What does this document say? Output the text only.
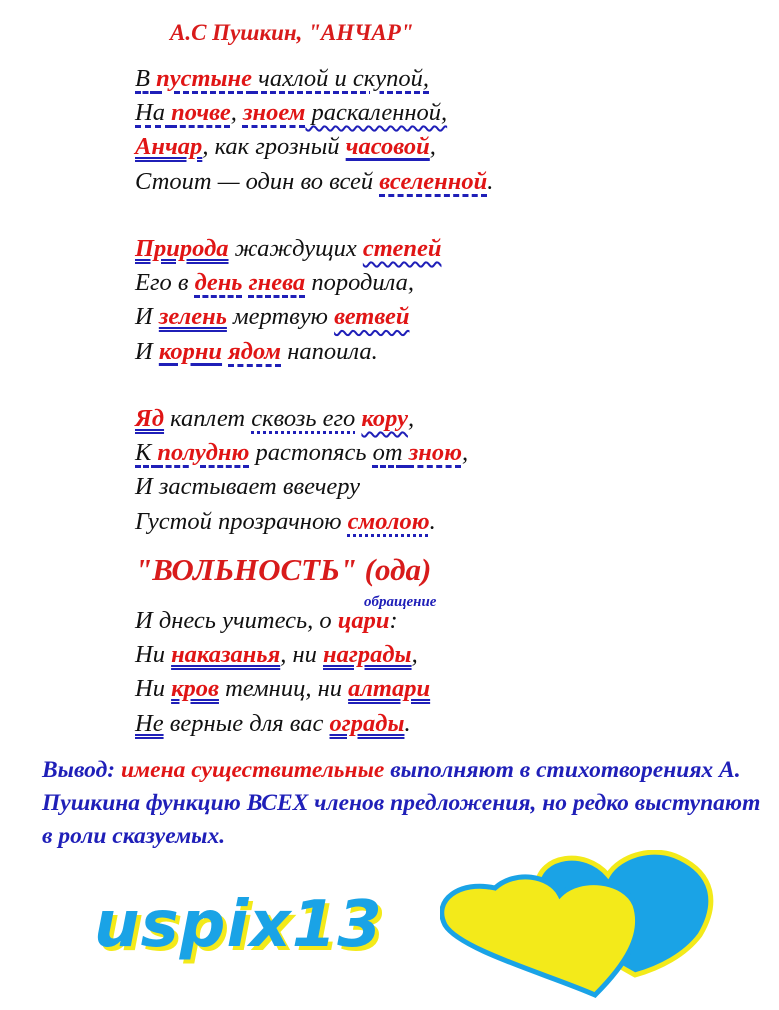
А.С Пушкин, "АНЧАР"
В пустыне чахлой и скупой,
На почве, зноем раскаленной,
Анчар, как грозный часовой,
Стоит — один во всей вселенной.
Природа жаждущих степей
Его в день гнева породила,
И зелень мертвую ветвей
И корни ядом напоила.
Яд каплет сквозь его кору,
К полудню растопясь от зною,
И застывает ввечеру
Густой прозрачною смолою.
"ВОЛЬНОСТЬ" (ода)
обращение
И днесь учитесь, о цари:
Ни наказанья, ни награды,
Ни кров темниц, ни алтари
Не верные для вас ограды.
Вывод: имена существительные выполняют в стихотворениях А. Пушкина функцию ВСЕХ членов предложения, но редко выступают в роли сказуемых.
uspix13
